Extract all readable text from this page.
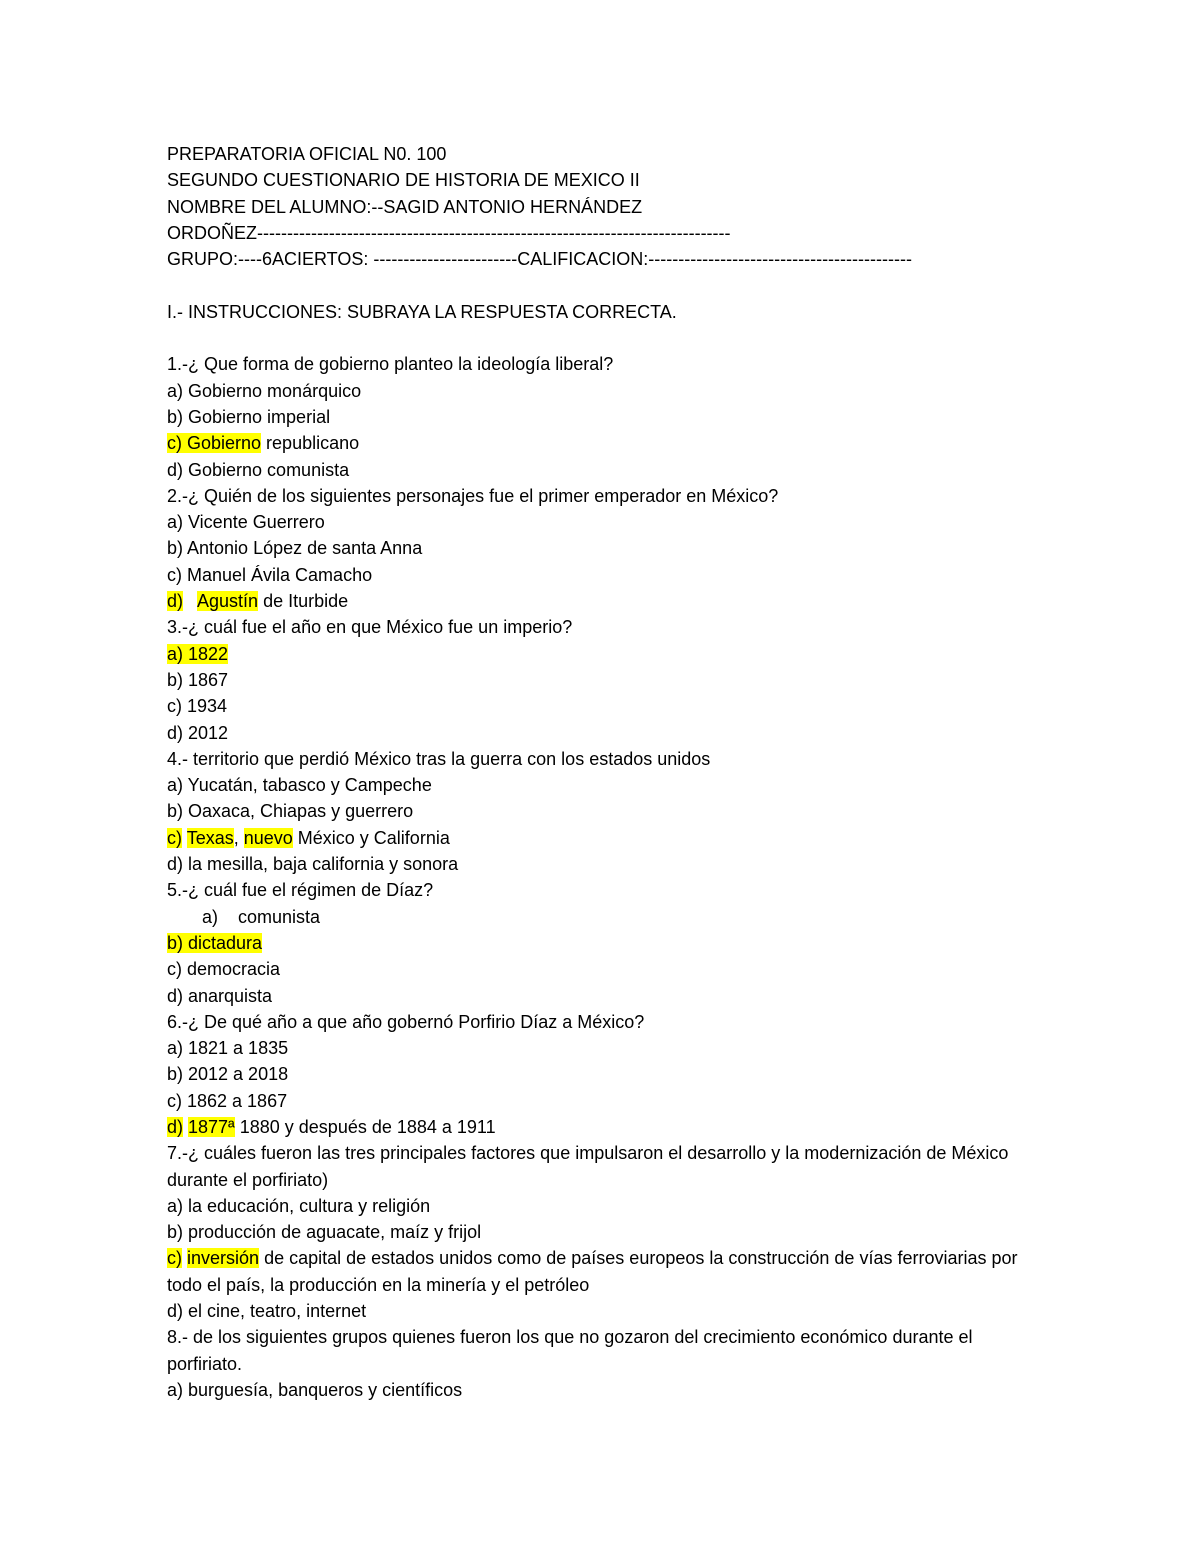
PREPARATORIA OFICIAL N0. 100
SEGUNDO CUESTIONARIO DE HISTORIA DE MEXICO II
NOMBRE DEL ALUMNO:--SAGID ANTONIO HERNÁNDEZ
ORDOÑEZ-------------------------------------------------------------------------------
GRUPO:----6ACIERTOS: ------------------------CALIFICACION:--------------------------------------------
I.- INSTRUCCIONES: SUBRAYA LA RESPUESTA CORRECTA.
1.-¿ Que forma de gobierno planteo la ideología liberal?
a) Gobierno monárquico
b) Gobierno imperial
c) Gobierno republicano
d) Gobierno comunista
2.-¿ Quién de los siguientes personajes fue el primer emperador en México?
a) Vicente Guerrero
b) Antonio López de santa Anna
c) Manuel Ávila Camacho
d) Agustín de Iturbide
3.-¿ cuál fue el año en que México fue un imperio?
a) 1822
b) 1867
c) 1934
d) 2012
4.- territorio que perdió México tras la guerra con los estados unidos
a) Yucatán, tabasco y Campeche
b) Oaxaca, Chiapas y guerrero
c) Texas, nuevo México y California
d) la mesilla, baja california y sonora
5.-¿ cuál fue el régimen de Díaz?
a)    comunista
b) dictadura
c) democracia
d) anarquista
6.-¿ De qué año a que año gobernó Porfirio Díaz a México?
a) 1821 a 1835
b) 2012 a 2018
c) 1862 a 1867
d) 1877ª 1880 y después de 1884 a 1911
7.-¿ cuáles fueron las tres principales factores que impulsaron el desarrollo y la modernización de México durante el porfiriato)
a) la educación, cultura y religión
b) producción de aguacate, maíz y frijol
c) inversión de capital de estados unidos como de países europeos la construcción de vías ferroviarias por todo el país, la producción en la minería y el petróleo
d) el cine, teatro, internet
8.- de los siguientes grupos quienes fueron los que no gozaron del crecimiento económico durante el porfiriato.
a) burguesía, banqueros y científicos
